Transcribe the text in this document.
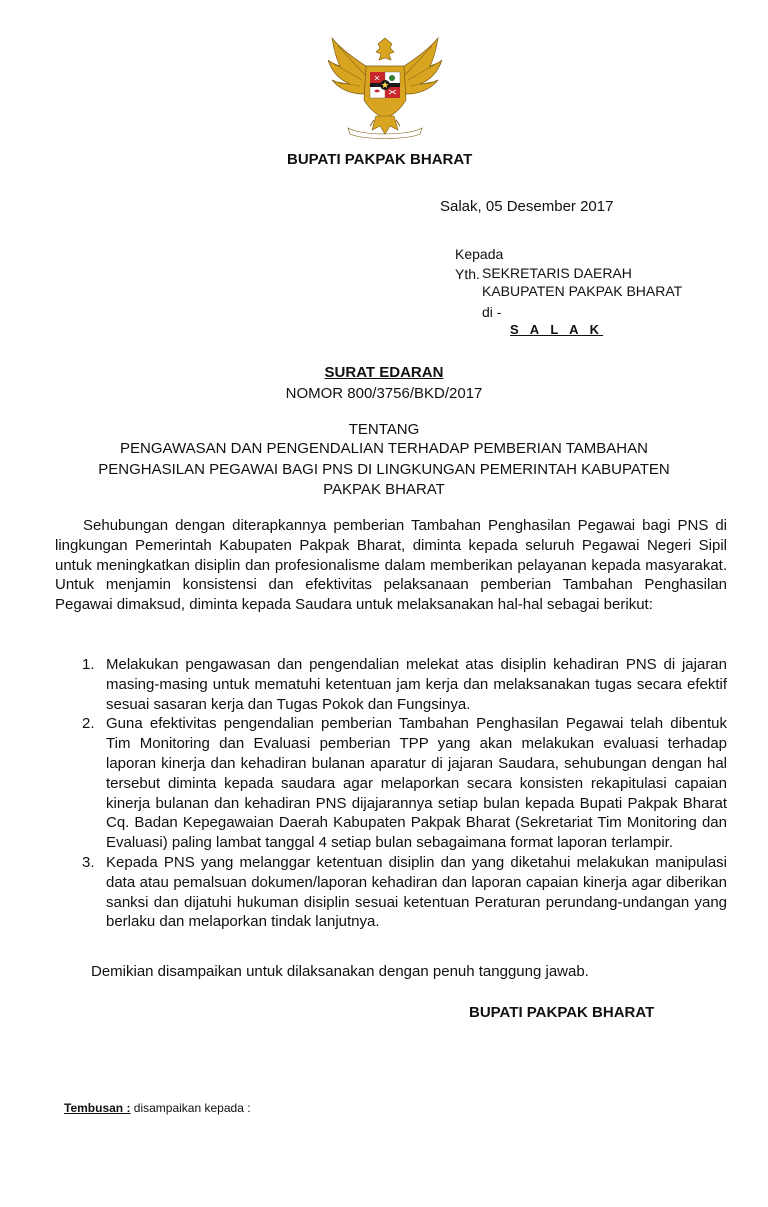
BUPATI PAKPAK BHARAT
Salak, 05 Desember 2017
Kepada
Yth. SEKRETARIS DAERAH
KABUPATEN PAKPAK BHARAT
di -
S A L A K
SURAT EDARAN
NOMOR 800/3756/BKD/2017
TENTANG
PENGAWASAN DAN PENGENDALIAN TERHADAP PEMBERIAN TAMBAHAN
PENGHASILAN PEGAWAI BAGI PNS DI LINGKUNGAN PEMERINTAH KABUPATEN
PAKPAK BHARAT
Sehubungan dengan diterapkannya pemberian Tambahan Penghasilan Pegawai bagi PNS di lingkungan Pemerintah Kabupaten Pakpak Bharat, diminta kepada seluruh Pegawai Negeri Sipil untuk meningkatkan disiplin dan profesionalisme dalam memberikan pelayanan kepada masyarakat. Untuk menjamin konsistensi dan efektivitas pelaksanaan pemberian Tambahan Penghasilan Pegawai dimaksud, diminta kepada Saudara untuk melaksanakan hal-hal sebagai berikut:
1. Melakukan pengawasan dan pengendalian melekat atas disiplin kehadiran PNS di jajaran masing-masing untuk mematuhi ketentuan jam kerja dan melaksanakan tugas secara efektif sesuai sasaran kerja dan Tugas Pokok dan Fungsinya.
2. Guna efektivitas pengendalian pemberian Tambahan Penghasilan Pegawai telah dibentuk Tim Monitoring dan Evaluasi pemberian TPP yang akan melakukan evaluasi terhadap laporan kinerja dan kehadiran bulanan aparatur di jajaran Saudara, sehubungan dengan hal tersebut diminta kepada saudara agar melaporkan secara konsisten rekapitulasi capaian kinerja bulanan dan kehadiran PNS dijajarannya setiap bulan kepada Bupati Pakpak Bharat Cq. Badan Kepegawaian Daerah Kabupaten Pakpak Bharat (Sekretariat Tim Monitoring dan Evaluasi) paling lambat tanggal 4 setiap bulan sebagaimana format laporan terlampir.
3. Kepada PNS yang melanggar ketentuan disiplin dan yang diketahui melakukan manipulasi data atau pemalsuan dokumen/laporan kehadiran dan laporan capaian kinerja agar diberikan sanksi dan dijatuhi hukuman disiplin sesuai ketentuan Peraturan perundang-undangan yang berlaku dan melaporkan tindak lanjutnya.
Demikian disampaikan untuk dilaksanakan dengan penuh tanggung jawab.
BUPATI PAKPAK BHARAT
Tembusan : disampaikan kepada :
